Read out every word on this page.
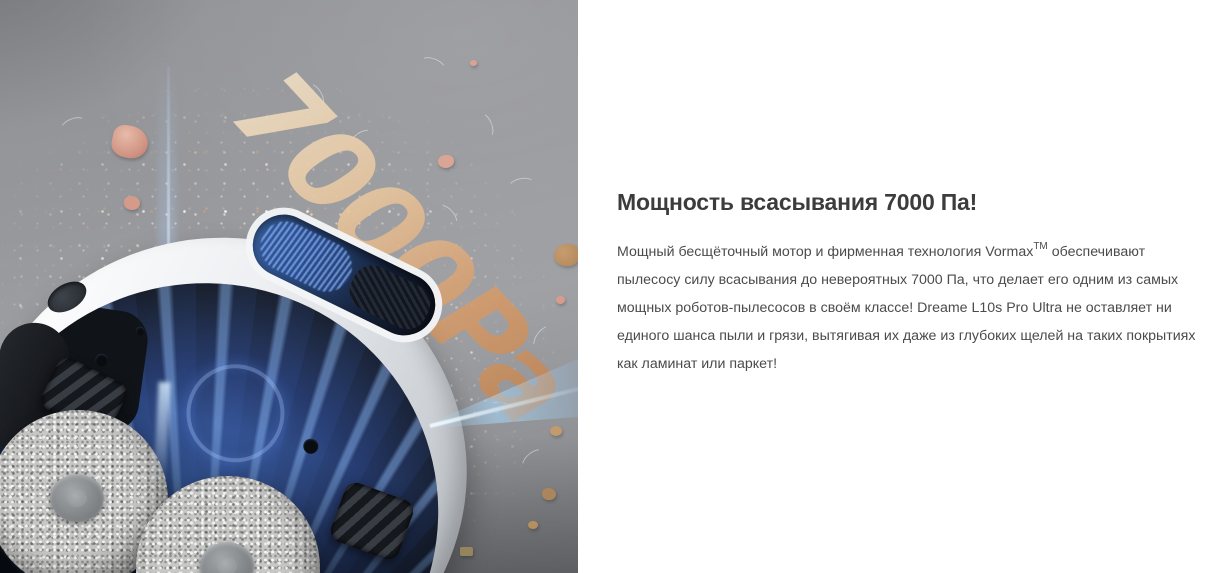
Мощность всасывания 7000 Па!

Мощный бесщёточный мотор и фирменная технология Vormax™ обеспечивают пылесосу силу всасывания до невероятных 7000 Па, что делает его одним из самых мощных роботов-пылесосов в своём классе! Dreame L10s Pro Ultra не оставляет ни единого шанса пыли и грязи, вытягивая их даже из глубоких щелей на таких покрытиях как ламинат или паркет!
